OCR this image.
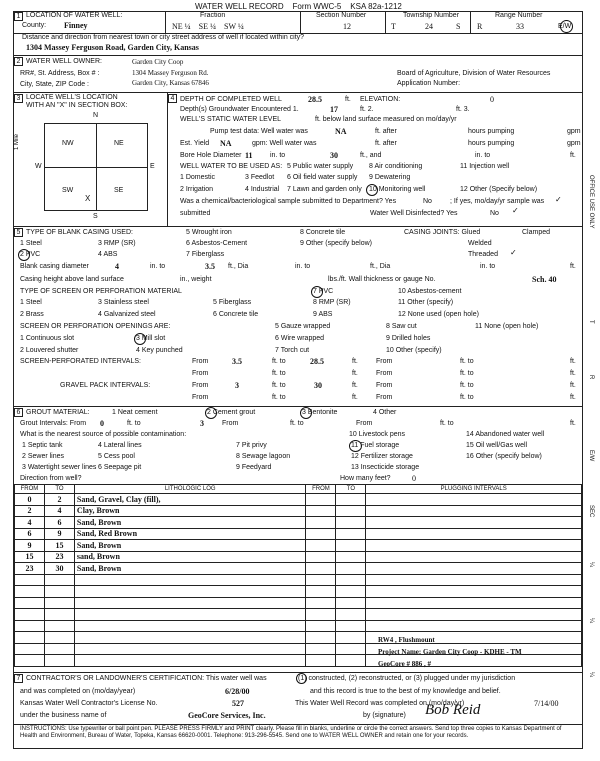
WATER WELL RECORD Form WWC-5 KSA 82a-1212
1 LOCATION OF WATER WELL:
County: Finney
Fraction
NE ¼ SE ¼ SW ¼
Section Number
12
Township Number
T	24	S
Range Number
R	33	E/W
Distance and direction from nearest town or city street address of well if located within city?
1304 Massey Ferguson Road, Garden City, Kansas
2 WATER WELL OWNER:	Garden City Coop
RR#, St. Address, Box # :	1304 Massey Ferguson Rd.
City, State, ZIP Code :	Garden City, Kansas 67846
Board of Agriculture, Division of Water Resources
Application Number:
3 LOCATE WELL'S LOCATION
WITH AN "X" IN SECTION BOX:
N
S
W	E
1 Mile	NW	NE
SW	SE
X
4 DEPTH OF COMPLETED WELL	28.5	ft. ELEVATION:	0
Depth(s) Groundwater Encountered 1.	17	ft. 2.	ft. 3.
WELL'S STATIC WATER LEVEL	ft. below land surface measured on mo/day/yr
Pump test data: Well water was	NA	ft. after	hours pumping	gpm
Est. Yield NA	gpm: Well water was	ft. after	hours pumping	gpm
Bore Hole Diameter 11 in. to	30	ft., and	in. to	ft.
WELL WATER TO BE USED AS:
1 Domestic	3 Feedlot
5 Public water supply 8 Air conditioning	11 Injection well
2 Irrigation	4 Industrial 7 Lawn and garden only 10 Monitoring well	12 Other (Specify below)
6 Oil field water supply 9 Dewatering
Was a chemical/bacteriological sample submitted to Department? Yes	No	; If yes, mo/day/yr sample was ✓
submitted	Water Well Disinfected? Yes	No ✓
5 TYPE OF BLANK CASING USED:
1 Steel
2 PVC
3 RMP (SR)
4 ABS
5 Wrought iron
6 Asbestos-Cement
7 Fiberglass
8 Concrete tile
9 Other (specify below)
CASING JOINTS: Glued	Clamped
Welded
Threaded ✓
Blank casing diameter	4	in. to	3.5 ft., Dia	in. to	ft., Dia	in. to	ft.
Casing height above land surface	in., weight	lbs./ft. Wall thickness or gauge No.	Sch. 40
TYPE OF SCREEN OR PERFORATION MATERIAL
1 Steel
2 Brass
3 Stainless steel
4 Galvanized steel
5 Fiberglass
6 Concrete tile
7 PVC
8 RMP (SR)
9 ABS
10 Asbestos-cement
11 Other (specify)
12 None used (open hole)
SCREEN OR PERFORATION OPENINGS ARE:
1 Continuous slot
2 Louvered shutter
3 Mill slot
4 Key punched
5 Gauze wrapped
6 Wire wrapped
7 Torch cut
8 Saw cut
9 Drilled holes
10 Other (specify)
11 None (open hole)
SCREEN-PERFORATED INTERVALS:	From	3.5	ft. to	28.5	ft.	From	ft. to	ft.
From	ft. to	ft.	From	ft. to	ft.
GRAVEL PACK INTERVALS:	From	3	ft. to	30	ft.	From	ft. to	ft.
From	ft. to	ft.	From	ft. to	ft.
6 GROUT MATERIAL:	1 Neat cement	2 Cement grout	3 Bentonite	4 Other
Grout Intervals: From 0	ft. to	3	From	ft. to	From	ft. to	ft.
What is the nearest source of possible contamination:
1 Septic tank	4 Lateral lines	7 Pit privy
10 Livestock pens	14 Abandoned water well
2 Sewer lines	5 Cess pool	8 Sewage lagoon
11 Fuel storage	15 Oil well/Gas well
3 Watertight sewer lines 6 Seepage pit	9 Feedyard
12 Fertilizer storage	16 Other (specify below)
13 Insecticide storage
Direction from well?	How many feet?	0
FROM	TO	LITHOLOGIC LOG	FROM	TO	PLUGGING INTERVALS
0	2	Sand, Gravel, Clay (fill),			
2	4	Clay, Brown			
4	6	Sand, Brown			
6	9	Sand, Red Brown			
9	15	Sand, Brown			
15	23	sand, Brown			
23	30	Sand, Brown			

RW4 , Flushmount
Project Name: Garden City Coop - KDHE - TM
GeoCore # 886 , #
7 CONTRACTOR'S OR LANDOWNER'S CERTIFICATION: This water well was	(1) constructed, (2) reconstructed, or (3) plugged under my jurisdiction
and was completed on (mo/day/year)	6/28/00	and this record is true to the best of my knowledge and belief.
Kansas Water Well Contractor's License No.	527	This Water Well Record was completed on (mo/day/yr)	7/14/00
under the business name of	GeoCore Services, Inc.	by (signature) Bob Reid
INSTRUCTIONS: Use typewriter or ball point pen. PLEASE PRESS FIRMLY and PRINT clearly. Please fill in blanks, underline or circle the correct answers. Send top three copies to Kansas Department of Health and Environment, Bureau of Water, Topeka, Kansas 66620-0001. Telephone: 913-296-5545. Send one to WATER WELL OWNER and retain one for your records.
OFFICE USE ONLY
T
R
E/W
SEC
¼
¼
¼
